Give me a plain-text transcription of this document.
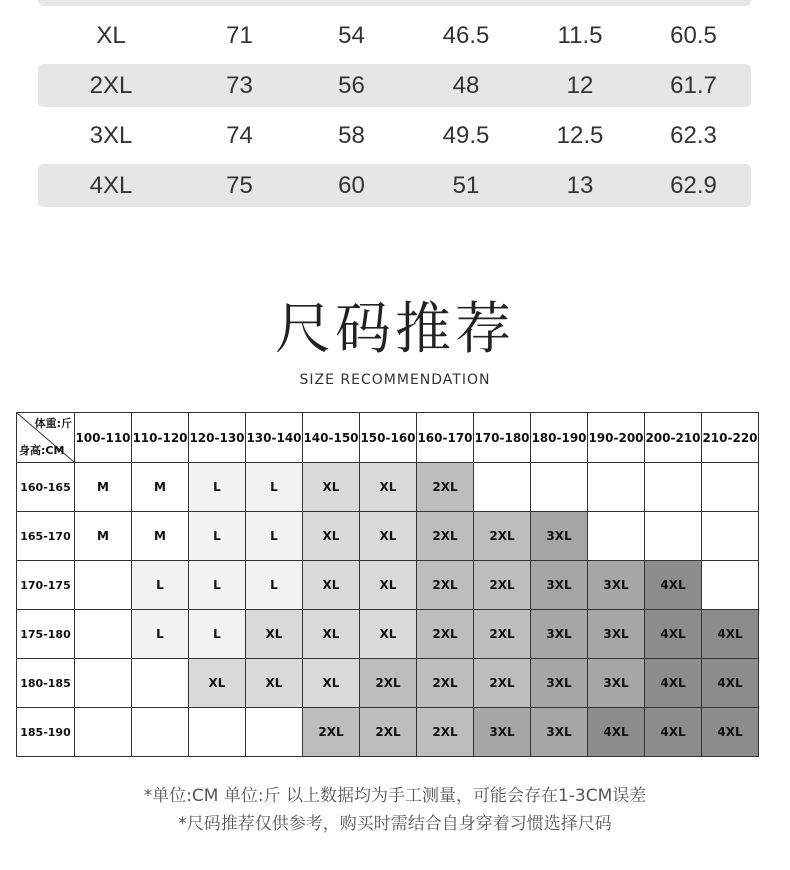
XL	71	54	46.5	11.5	60.5
2XL	73	56	48	12	61.7
3XL	74	58	49.5	12.5	62.3
4XL	75	60	51	13	62.9
尺码推荐
SIZE RECOMMENDATION
体重:斤
身高:CM	100-110	110-120	120-130	130-140	140-150	150-160	160-170	170-180	180-190	190-200	200-210	210-220
160-165	M	M	L	L	XL	XL	2XL					
165-170	M	M	L	L	XL	XL	2XL	2XL	3XL			
170-175		L	L	L	XL	XL	2XL	2XL	3XL	3XL	4XL	
175-180		L	L	XL	XL	XL	2XL	2XL	3XL	3XL	4XL	4XL
180-185			XL	XL	XL	2XL	2XL	2XL	3XL	3XL	4XL	4XL
185-190					2XL	2XL	2XL	3XL	3XL	4XL	4XL	4XL
*单位:CM 单位:斤 以上数据均为手工测量，可能会存在1-3CM误差
*尺码推荐仅供参考，购买时需结合自身穿着习惯选择尺码
